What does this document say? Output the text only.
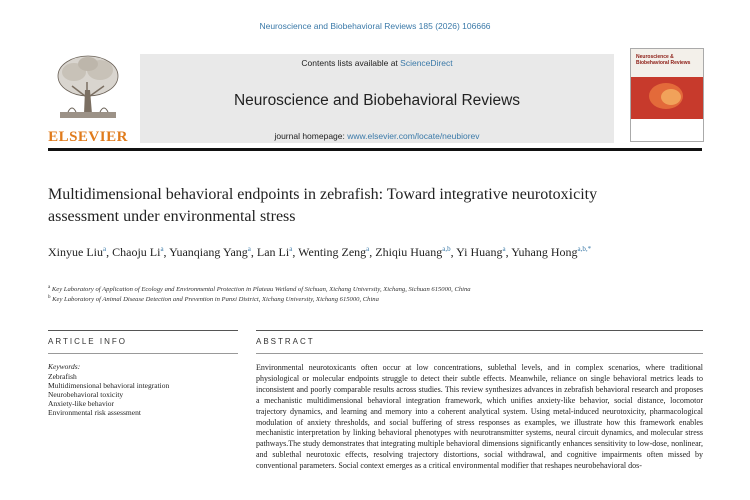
Neuroscience and Biobehavioral Reviews 185 (2026) 106666
ELSEVIER
Contents lists available at ScienceDirect
Neuroscience and Biobehavioral Reviews
journal homepage: www.elsevier.com/locate/neubiorev
Neuroscience & Biobehavioral Reviews
Multidimensional behavioral endpoints in zebrafish: Toward integrative neurotoxicity assessment under environmental stress
Xinyue Liu$^a$, Chaoju Li$^a$, Yuanqiang Yang$^a$, Lan Li$^a$, Wenting Zeng$^a$, Zhiqiu Huang$^{a,b}$, Yi Huang$^a$, Yuhang Hong$^{a,b,*}$
$^a$ Key Laboratory of Application of Ecology and Environmental Protection in Plateau Wetland of Sichuan, Xichang University, Xichang, Sichuan 615000, China
$^b$ Key Laboratory of Animal Disease Detection and Prevention in Panxi District, Xichang University, Xichang 615000, China
ARTICLE INFO	ABSTRACT
Keywords:
Zebrafish
Multidimensional behavioral integration
Neurobehavioral toxicity
Anxiety-like behavior
Environmental risk assessment
Environmental neurotoxicants often occur at low concentrations, sublethal levels, and in complex scenarios, where traditional physiological or molecular endpoints struggle to detect their subtle effects. Meanwhile, reliance on single behavioral metrics leads to inconsistent and poorly comparable results across studies. This review synthesizes advances in zebrafish behavioral research and proposes a mechanistic multidimensional behavioral integration framework, which unifies anxiety-like behavior, social distance, locomotor trajectory dynamics, and learning and memory into a coherent analytical system. Using metal-induced neurotoxicity, pharmacological modulation of anxiety thresholds, and social buffering of stress responses as examples, we illustrate how this framework enables mechanistic interpretation by linking behavioral phenotypes with neurotransmitter systems, neural circuit dynamics, and molecular stress pathways.The study demonstrates that integrating multiple behavioral dimensions significantly enhances sensitivity to low-dose, nonlinear, and sublethal neurotoxic effects, resolving trajectory distortions, social withdrawal, and cognitive impairments often missed by conventional parameters. Social context emerges as a critical environmental modifier that reshapes neurobehavioral dos-
